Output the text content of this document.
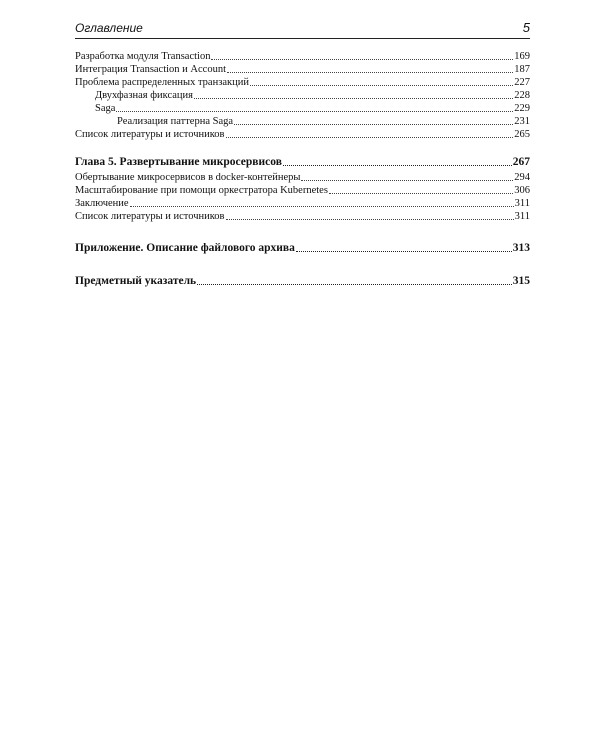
Оглавление	5
Разработка модуля Transaction	169
Интеграция Transaction и Account	187
Проблема распределенных транзакций	227
Двухфазная фиксация	228
Saga	229
Реализация паттерна Saga	231
Список литературы и источников	265
Глава 5. Развертывание микросервисов	267
Обертывание микросервисов в docker-контейнеры	294
Масштабирование при помощи оркестратора Kubernetes	306
Заключение	311
Список литературы и источников	311
Приложение. Описание файлового архива	313
Предметный указатель	315
